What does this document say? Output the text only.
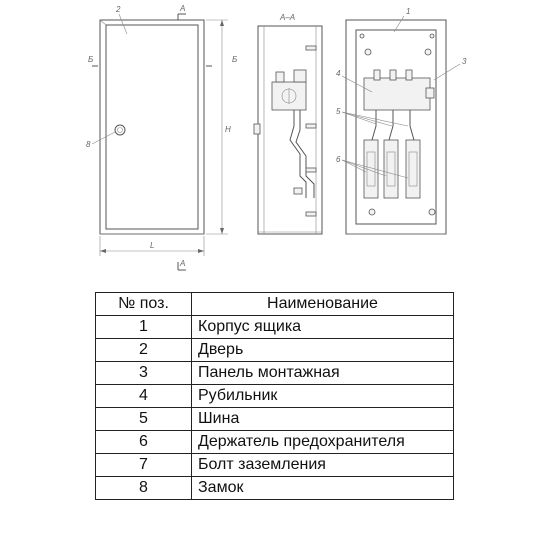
2
8
A
A
Б	Б
L
H
A–A
1
3
4
5
6
№ поз.	Наименование
1	Корпус ящика
2	Дверь
3	Панель монтажная
4	Рубильник
5	Шина
6	Держатель предохранителя
7	Болт заземления
8	Замок
